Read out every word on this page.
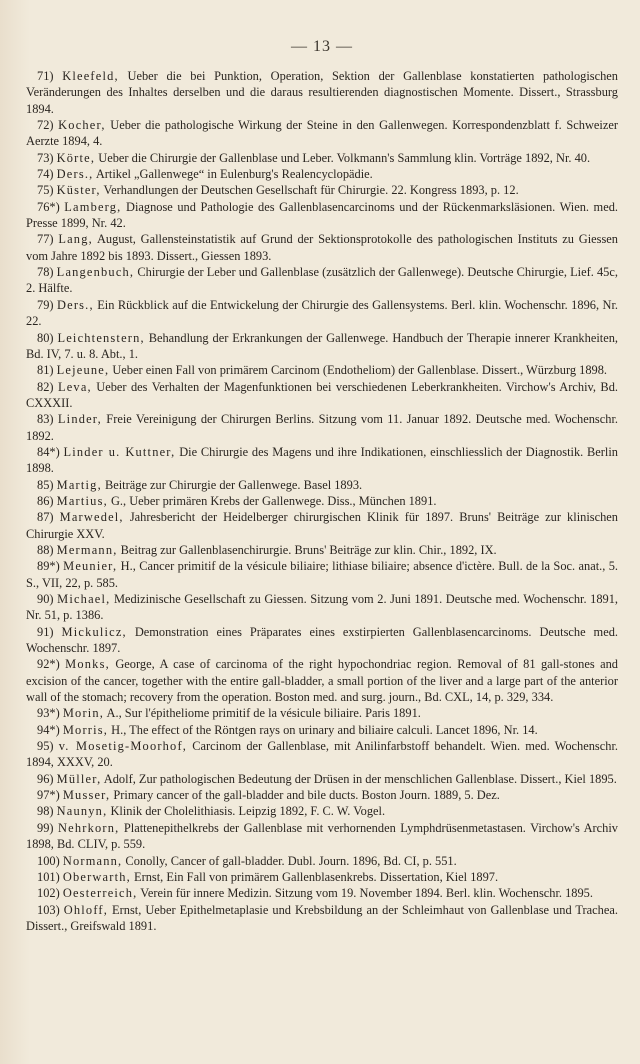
— 13 —
71) Kleefeld, Ueber die bei Punktion, Operation, Sektion der Gallenblase konstatierten pathologischen Veränderungen des Inhaltes derselben und die daraus resultierenden diagnostischen Momente. Dissert., Strassburg 1894.
72) Kocher, Ueber die pathologische Wirkung der Steine in den Gallenwegen. Korrespondenzblatt f. Schweizer Aerzte 1894, 4.
73) Körte, Ueber die Chirurgie der Gallenblase und Leber. Volkmann's Sammlung klin. Vorträge 1892, Nr. 40.
74) Ders., Artikel „Gallenwege“ in Eulenburg's Realencyclopädie.
75) Küster, Verhandlungen der Deutschen Gesellschaft für Chirurgie. 22. Kongress 1893, p. 12.
76*) Lamberg, Diagnose und Pathologie des Gallenblasencarcinoms und der Rückenmarksläsionen. Wien. med. Presse 1899, Nr. 42.
77) Lang, August, Gallensteinstatistik auf Grund der Sektionsprotokolle des pathologischen Instituts zu Giessen vom Jahre 1892 bis 1893. Dissert., Giessen 1893.
78) Langenbuch, Chirurgie der Leber und Gallenblase (zusätzlich der Gallenwege). Deutsche Chirurgie, Lief. 45c, 2. Hälfte.
79) Ders., Ein Rückblick auf die Entwickelung der Chirurgie des Gallensystems. Berl. klin. Wochenschr. 1896, Nr. 22.
80) Leichtenstern, Behandlung der Erkrankungen der Gallenwege. Handbuch der Therapie innerer Krankheiten, Bd. IV, 7. u. 8. Abt., 1.
81) Lejeune, Ueber einen Fall von primärem Carcinom (Endotheliom) der Gallenblase. Dissert., Würzburg 1898.
82) Leva, Ueber des Verhalten der Magenfunktionen bei verschiedenen Leberkrankheiten. Virchow's Archiv, Bd. CXXXII.
83) Linder, Freie Vereinigung der Chirurgen Berlins. Sitzung vom 11. Januar 1892. Deutsche med. Wochenschr. 1892.
84*) Linder u. Kuttner, Die Chirurgie des Magens und ihre Indikationen, einschliesslich der Diagnostik. Berlin 1898.
85) Martig, Beiträge zur Chirurgie der Gallenwege. Basel 1893.
86) Martius, G., Ueber primären Krebs der Gallenwege. Diss., München 1891.
87) Marwedel, Jahresbericht der Heidelberger chirurgischen Klinik für 1897. Bruns' Beiträge zur klinischen Chirurgie XXV.
88) Mermann, Beitrag zur Gallenblasenchirurgie. Bruns' Beiträge zur klin. Chir., 1892, IX.
89*) Meunier, H., Cancer primitif de la vésicule biliaire; lithiase biliaire; absence d'ictère. Bull. de la Soc. anat., 5. S., VII, 22, p. 585.
90) Michael, Medizinische Gesellschaft zu Giessen. Sitzung vom 2. Juni 1891. Deutsche med. Wochenschr. 1891, Nr. 51, p. 1386.
91) Mickulicz, Demonstration eines Präparates eines exstirpierten Gallenblasencarcinoms. Deutsche med. Wochenschr. 1897.
92*) Monks, George, A case of carcinoma of the right hypochondriac region. Removal of 81 gall-stones and excision of the cancer, together with the entire gall-bladder, a small portion of the liver and a large part of the anterior wall of the stomach; recovery from the operation. Boston med. and surg. journ., Bd. CXL, 14, p. 329, 334.
93*) Morin, A., Sur l'épitheliome primitif de la vésicule biliaire. Paris 1891.
94*) Morris, H., The effect of the Röntgen rays on urinary and biliaire calculi. Lancet 1896, Nr. 14.
95) v. Mosetig-Moorhof, Carcinom der Gallenblase, mit Anilinfarbstoff behandelt. Wien. med. Wochenschr. 1894, XXXV, 20.
96) Müller, Adolf, Zur pathologischen Bedeutung der Drüsen in der menschlichen Gallenblase. Dissert., Kiel 1895.
97*) Musser, Primary cancer of the gall-bladder and bile ducts. Boston Journ. 1889, 5. Dez.
98) Naunyn, Klinik der Cholelithiasis. Leipzig 1892, F. C. W. Vogel.
99) Nehrkorn, Plattenepithelkrebs der Gallenblase mit verhornenden Lymphdrüsenmetastasen. Virchow's Archiv 1898, Bd. CLIV, p. 559.
100) Normann, Conolly, Cancer of gall-bladder. Dubl. Journ. 1896, Bd. CI, p. 551.
101) Oberwarth, Ernst, Ein Fall von primärem Gallenblasenkrebs. Dissertation, Kiel 1897.
102) Oesterreich, Verein für innere Medizin. Sitzung vom 19. November 1894. Berl. klin. Wochenschr. 1895.
103) Ohloff, Ernst, Ueber Epithelmetaplasie und Krebsbildung an der Schleimhaut von Gallenblase und Trachea. Dissert., Greifswald 1891.
